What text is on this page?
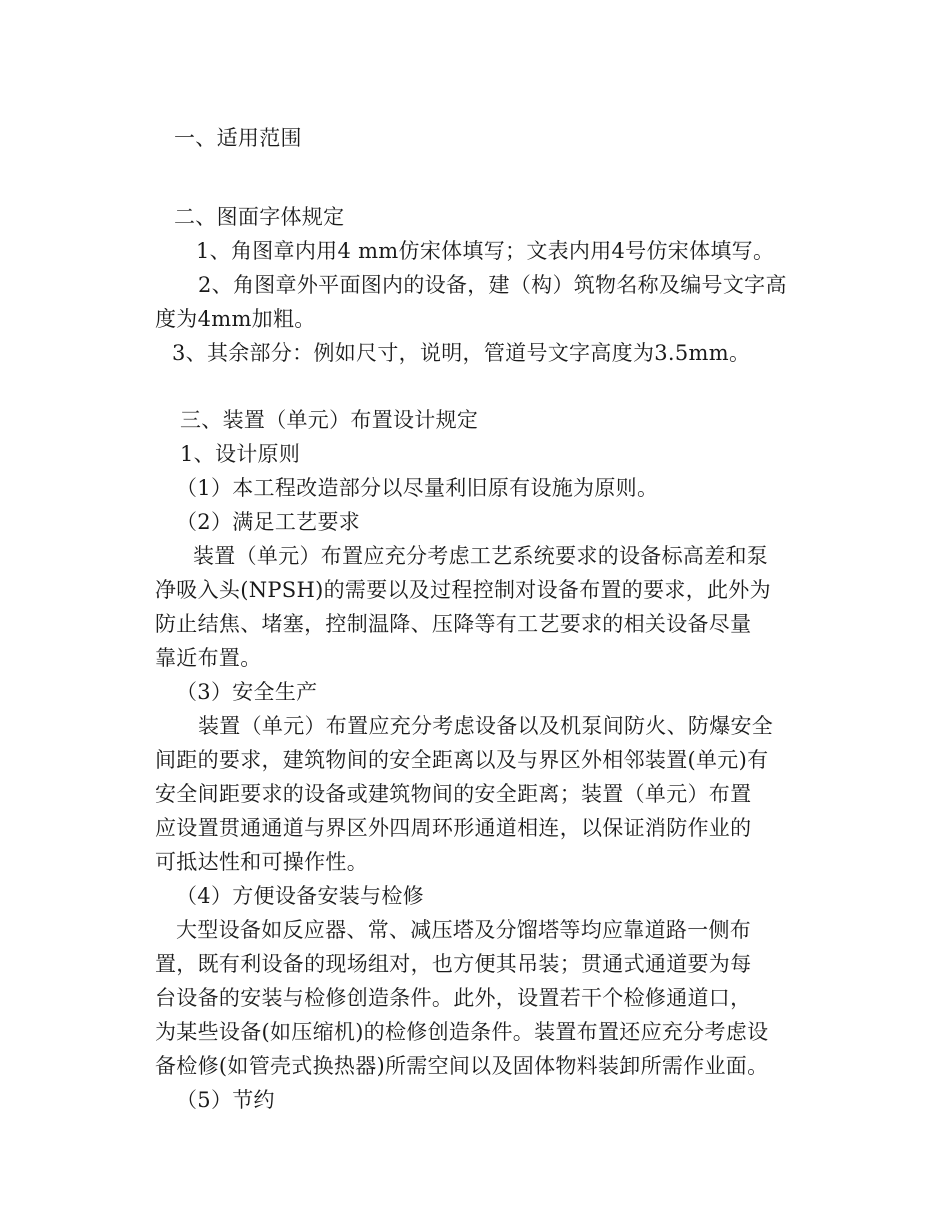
一、适用范围
二、图面字体规定
1、角图章内用4 mm仿宋体填写；文表内用4号仿宋体填写。
2、角图章外平面图内的设备，建（构）筑物名称及编号文字高
度为4mm加粗。
3、其余部分：例如尺寸，说明，管道号文字高度为3.5mm。
三、装置（单元）布置设计规定
1、设计原则
（1）本工程改造部分以尽量利旧原有设施为原则。
（2）满足工艺要求
装置（单元）布置应充分考虑工艺系统要求的设备标高差和泵
净吸入头(NPSH)的需要以及过程控制对设备布置的要求，此外为
防止结焦、堵塞，控制温降、压降等有工艺要求的相关设备尽量
靠近布置。
（3）安全生产
装置（单元）布置应充分考虑设备以及机泵间防火、防爆安全
间距的要求，建筑物间的安全距离以及与界区外相邻装置(单元)有
安全间距要求的设备或建筑物间的安全距离；装置（单元）布置
应设置贯通通道与界区外四周环形通道相连，以保证消防作业的
可抵达性和可操作性。
（4）方便设备安装与检修
大型设备如反应器、常、减压塔及分馏塔等均应靠道路一侧布
置，既有利设备的现场组对，也方便其吊装；贯通式通道要为每
台设备的安装与检修创造条件。此外，设置若干个检修通道口，
为某些设备(如压缩机)的检修创造条件。装置布置还应充分考虑设
备检修(如管壳式换热器)所需空间以及固体物料装卸所需作业面。
（5）节约
